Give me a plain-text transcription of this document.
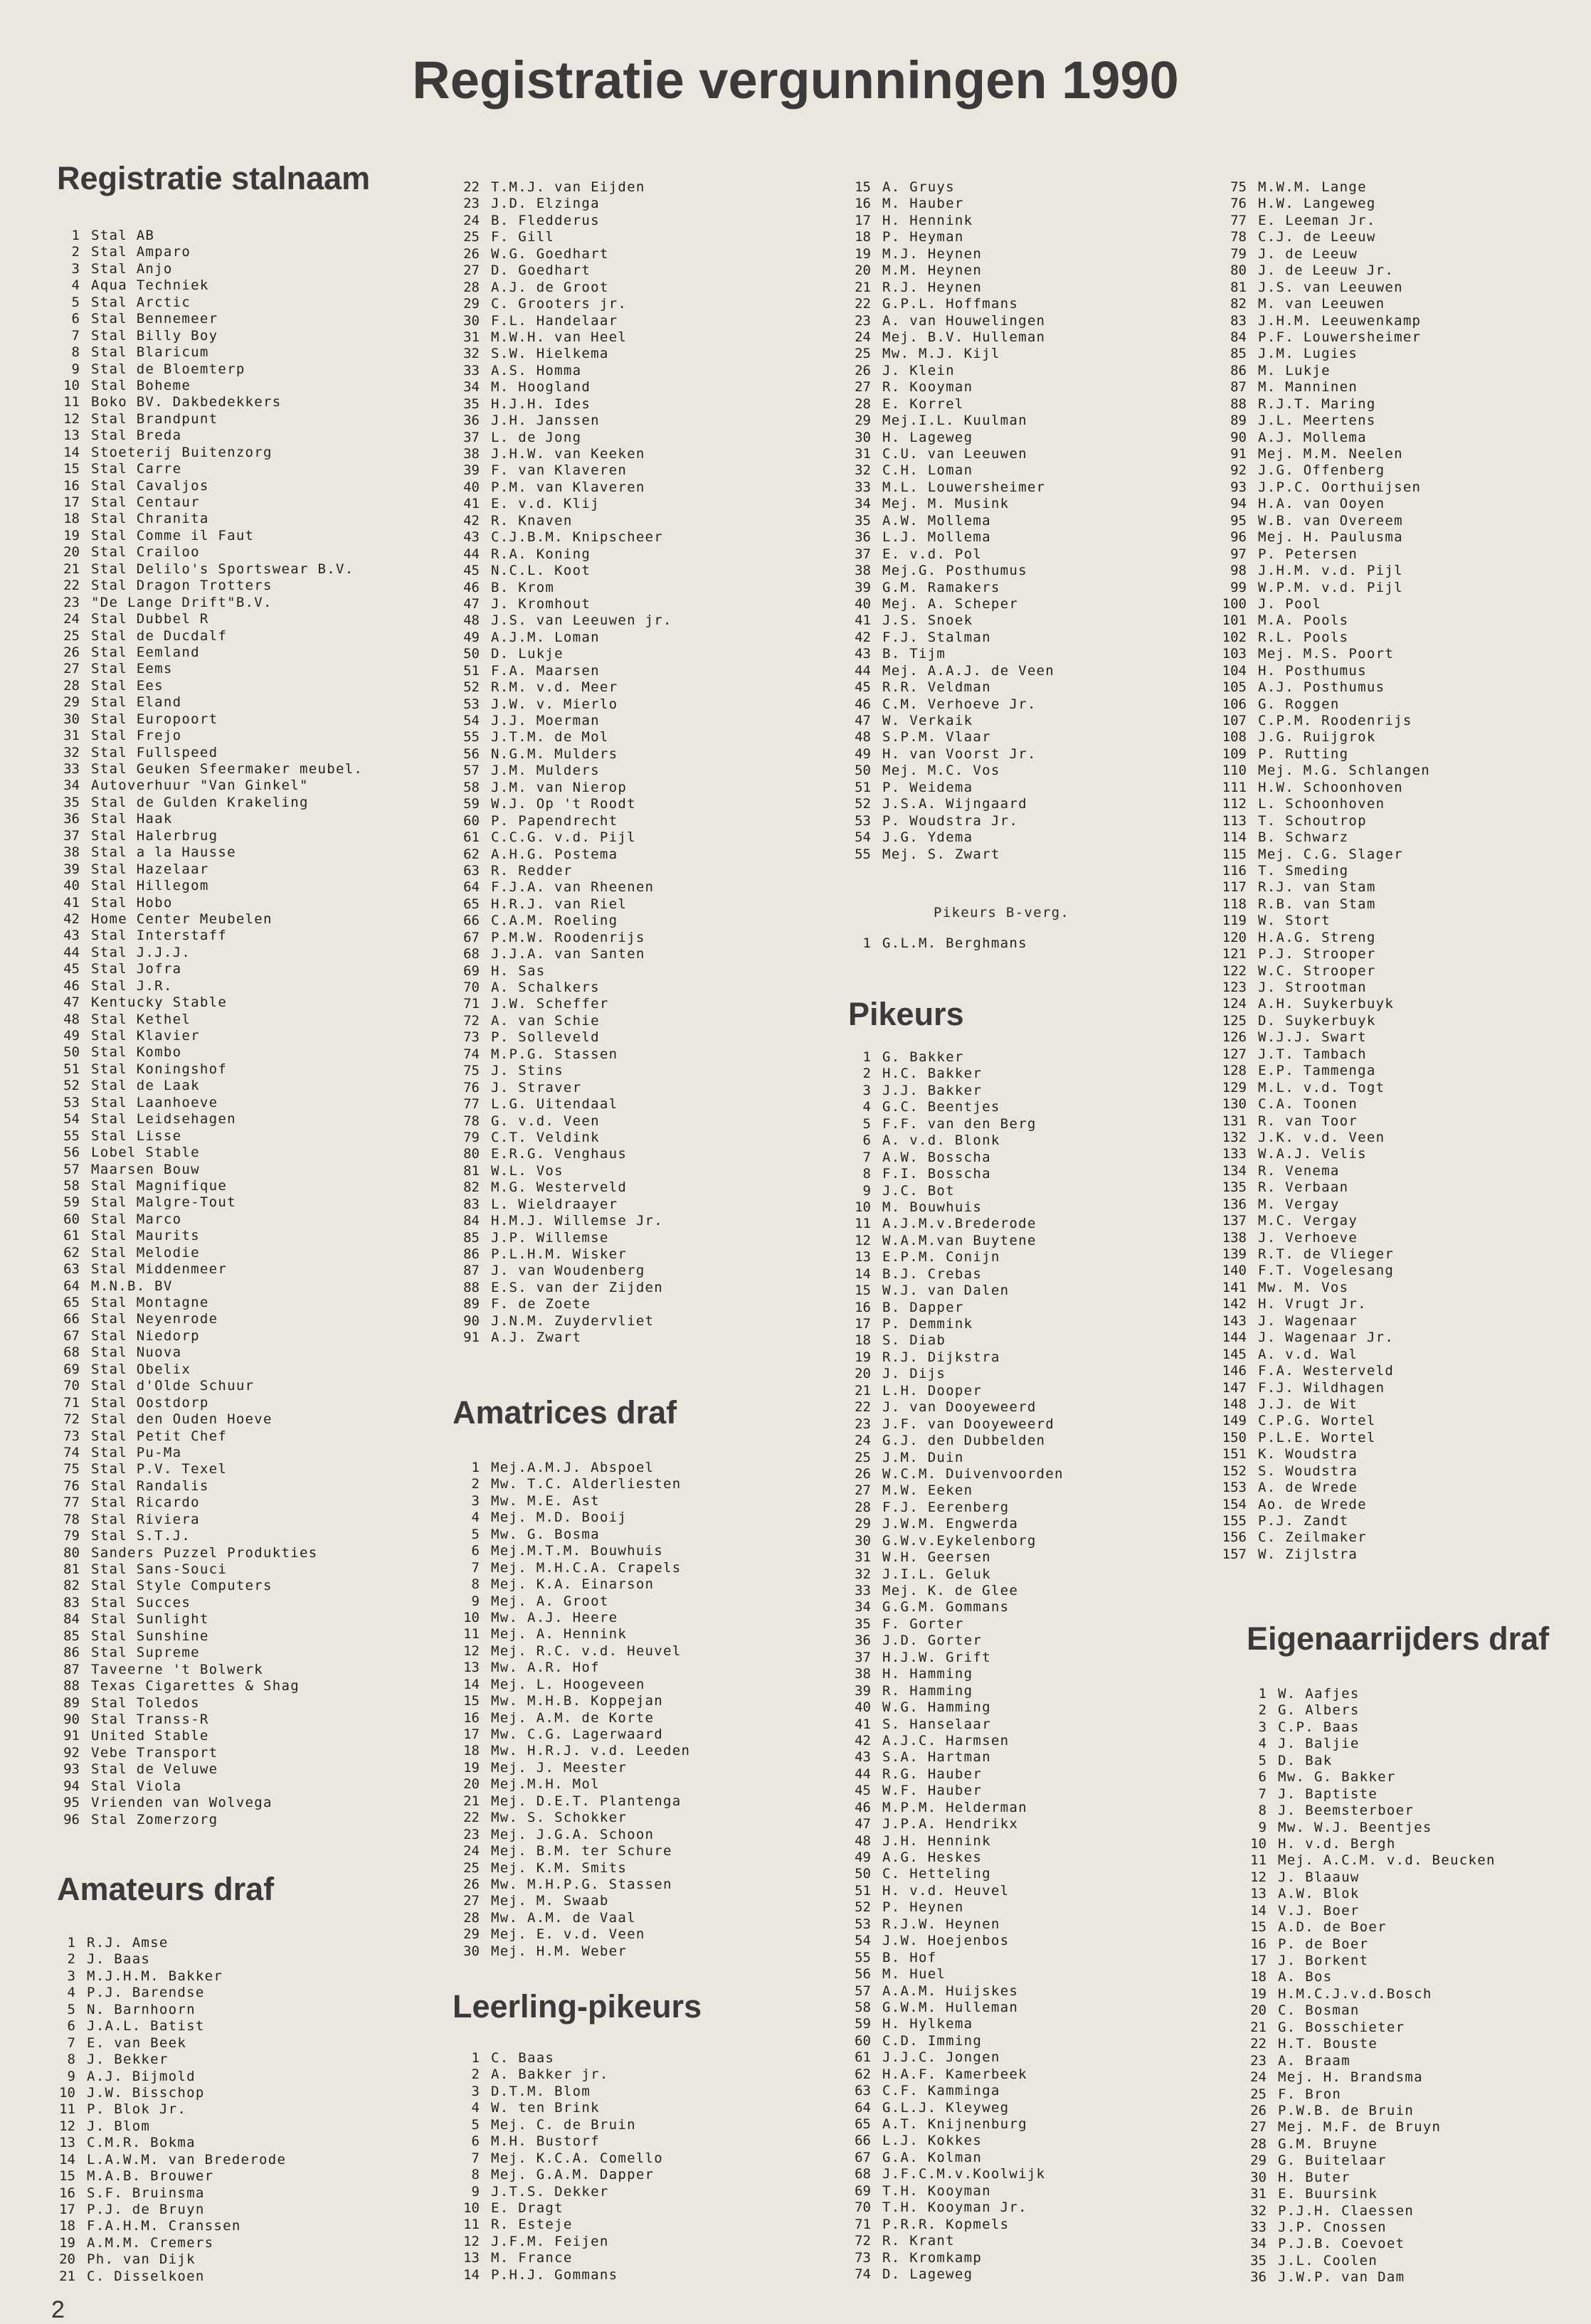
Registratie vergunningen 1990
Registratie stalnaam
1 Stal AB
2 Stal Amparo
3 Stal Anjo
4 Aqua Techniek
5 Stal Arctic
6 Stal Bennemeer
7 Stal Billy Boy
8 Stal Blaricum
9 Stal de Bloemterp
10 Stal Boheme
11 Boko BV. Dakbedekkers
12 Stal Brandpunt
13 Stal Breda
14 Stoeterij Buitenzorg
15 Stal Carre
16 Stal Cavaljos
17 Stal Centaur
18 Stal Chranita
19 Stal Comme il Faut
20 Stal Crailoo
21 Stal Delilo's Sportswear B.V.
22 Stal Dragon Trotters
23 "De Lange Drift"B.V.
24 Stal Dubbel R
25 Stal de Ducdalf
26 Stal Eemland
27 Stal Eems
28 Stal Ees
29 Stal Eland
30 Stal Europoort
31 Stal Frejo
32 Stal Fullspeed
33 Stal Geuken Sfeermaker meubel.
34 Autoverhuur "Van Ginkel"
35 Stal de Gulden Krakeling
36 Stal Haak
37 Stal Halerbrug
38 Stal a la Hausse
39 Stal Hazelaar
40 Stal Hillegom
41 Stal Hobo
42 Home Center Meubelen
43 Stal Interstaff
44 Stal J.J.J.
45 Stal Jofra
46 Stal J.R.
47 Kentucky Stable
48 Stal Kethel
49 Stal Klavier
50 Stal Kombo
51 Stal Koningshof
52 Stal de Laak
53 Stal Laanhoeve
54 Stal Leidsehagen
55 Stal Lisse
56 Lobel Stable
57 Maarsen Bouw
58 Stal Magnifique
59 Stal Malgre-Tout
60 Stal Marco
61 Stal Maurits
62 Stal Melodie
63 Stal Middenmeer
64 M.N.B. BV
65 Stal Montagne
66 Stal Neyenrode
67 Stal Niedorp
68 Stal Nuova
69 Stal Obelix
70 Stal d'Olde Schuur
71 Stal Oostdorp
72 Stal den Ouden Hoeve
73 Stal Petit Chef
74 Stal Pu-Ma
75 Stal P.V. Texel
76 Stal Randalis
77 Stal Ricardo
78 Stal Riviera
79 Stal S.T.J.
80 Sanders Puzzel Produkties
81 Stal Sans-Souci
82 Stal Style Computers
83 Stal Succes
84 Stal Sunlight
85 Stal Sunshine
86 Stal Supreme
87 Taveerne 't Bolwerk
88 Texas Cigarettes & Shag
89 Stal Toledos
90 Stal Transs-R
91 United Stable
92 Vebe Transport
93 Stal de Veluwe
94 Stal Viola
95 Vrienden van Wolvega
96 Stal Zomerzorg
Amateurs draf
1 R.J. Amse
2 J. Baas
3 M.J.H.M. Bakker
4 P.J. Barendse
5 N. Barnhoorn
6 J.A.L. Batist
7 E. van Beek
8 J. Bekker
9 A.J. Bijmold
10 J.W. Bisschop
11 P. Blok Jr.
12 J. Blom
13 C.M.R. Bokma
14 L.A.W.M. van Brederode
15 M.A.B. Brouwer
16 S.F. Bruinsma
17 P.J. de Bruyn
18 F.A.H.M. Cranssen
19 A.M.M. Cremers
20 Ph. van Dijk
21 C. Disselkoen
22 T.M.J. van Eijden
23 J.D. Elzinga
24 B. Fledderus
25 F. Gill
26 W.G. Goedhart
27 D. Goedhart
28 A.J. de Groot
29 C. Grooters jr.
30 F.L. Handelaar
31 M.W.H. van Heel
32 S.W. Hielkema
33 A.S. Homma
34 M. Hoogland
35 H.J.H. Ides
36 J.H. Janssen
37 L. de Jong
38 J.H.W. van Keeken
39 F. van Klaveren
40 P.M. van Klaveren
41 E. v.d. Klij
42 R. Knaven
43 C.J.B.M. Knipscheer
44 R.A. Koning
45 N.C.L. Koot
46 B. Krom
47 J. Kromhout
48 J.S. van Leeuwen jr.
49 A.J.M. Loman
50 D. Lukje
51 F.A. Maarsen
52 R.M. v.d. Meer
53 J.W. v. Mierlo
54 J.J. Moerman
55 J.T.M. de Mol
56 N.G.M. Mulders
57 J.M. Mulders
58 J.M. van Nierop
59 W.J. Op 't Roodt
60 P. Papendrecht
61 C.C.G. v.d. Pijl
62 A.H.G. Postema
63 R. Redder
64 F.J.A. van Rheenen
65 H.R.J. van Riel
66 C.A.M. Roeling
67 P.M.W. Roodenrijs
68 J.J.A. van Santen
69 H. Sas
70 A. Schalkers
71 J.W. Scheffer
72 A. van Schie
73 P. Solleveld
74 M.P.G. Stassen
75 J. Stins
76 J. Straver
77 L.G. Uitendaal
78 G. v.d. Veen
79 C.T. Veldink
80 E.R.G. Venghaus
81 W.L. Vos
82 M.G. Westerveld
83 L. Wieldraayer
84 H.M.J. Willemse Jr.
85 J.P. Willemse
86 P.L.H.M. Wisker
87 J. van Woudenberg
88 E.S. van der Zijden
89 F. de Zoete
90 J.N.M. Zuydervliet
91 A.J. Zwart
Amatrices draf
1 Mej.A.M.J. Abspoel
2 Mw. T.C. Alderliesten
3 Mw. M.E. Ast
4 Mej. M.D. Booij
5 Mw. G. Bosma
6 Mej.M.T.M. Bouwhuis
7 Mej. M.H.C.A. Crapels
8 Mej. K.A. Einarson
9 Mej. A. Groot
10 Mw. A.J. Heere
11 Mej. A. Hennink
12 Mej. R.C. v.d. Heuvel
13 Mw. A.R. Hof
14 Mej. L. Hoogeveen
15 Mw. M.H.B. Koppejan
16 Mej. A.M. de Korte
17 Mw. C.G. Lagerwaard
18 Mw. H.R.J. v.d. Leeden
19 Mej. J. Meester
20 Mej.M.H. Mol
21 Mej. D.E.T. Plantenga
22 Mw. S. Schokker
23 Mej. J.G.A. Schoon
24 Mej. B.M. ter Schure
25 Mej. K.M. Smits
26 Mw. M.H.P.G. Stassen
27 Mej. M. Swaab
28 Mw. A.M. de Vaal
29 Mej. E. v.d. Veen
30 Mej. H.M. Weber
Leerling-pikeurs
1 C. Baas
2 A. Bakker jr.
3 D.T.M. Blom
4 W. ten Brink
5 Mej. C. de Bruin
6 M.H. Bustorf
7 Mej. K.C.A. Comello
8 Mej. G.A.M. Dapper
9 J.T.S. Dekker
10 E. Dragt
11 R. Esteje
12 J.F.M. Feijen
13 M. France
14 P.H.J. Gommans
15 A. Gruys
16 M. Hauber
17 H. Hennink
18 P. Heyman
19 M.J. Heynen
20 M.M. Heynen
21 R.J. Heynen
22 G.P.L. Hoffmans
23 A. van Houwelingen
24 Mej. B.V. Hulleman
25 Mw. M.J. Kijl
26 J. Klein
27 R. Kooyman
28 E. Korrel
29 Mej.I.L. Kuulman
30 H. Lageweg
31 C.U. van Leeuwen
32 C.H. Loman
33 M.L. Louwersheimer
34 Mej. M. Musink
35 A.W. Mollema
36 L.J. Mollema
37 E. v.d. Pol
38 Mej.G. Posthumus
39 G.M. Ramakers
40 Mej. A. Scheper
41 J.S. Snoek
42 F.J. Stalman
43 B. Tijm
44 Mej. A.A.J. de Veen
45 R.R. Veldman
46 C.M. Verhoeve Jr.
47 W. Verkaik
48 S.P.M. Vlaar
49 H. van Voorst Jr.
50 Mej. M.C. Vos
51 P. Weidema
52 J.S.A. Wijngaard
53 P. Woudstra Jr.
54 J.G. Ydema
55 Mej. S. Zwart
Pikeurs B-verg.
1 G.L.M. Berghmans
Pikeurs
1 G. Bakker
2 H.C. Bakker
3 J.J. Bakker
4 G.C. Beentjes
5 F.F. van den Berg
6 A. v.d. Blonk
7 A.W. Bosscha
8 F.I. Bosscha
9 J.C. Bot
10 M. Bouwhuis
11 A.J.M.v.Brederode
12 W.A.M.van Buytene
13 E.P.M. Conijn
14 B.J. Crebas
15 W.J. van Dalen
16 B. Dapper
17 P. Demmink
18 S. Diab
19 R.J. Dijkstra
20 J. Dijs
21 L.H. Dooper
22 J. van Dooyeweerd
23 J.F. van Dooyeweerd
24 G.J. den Dubbelden
25 J.M. Duin
26 W.C.M. Duivenvoorden
27 M.W. Eeken
28 F.J. Eerenberg
29 J.W.M. Engwerda
30 G.W.v.Eykelenborg
31 W.H. Geersen
32 J.I.L. Geluk
33 Mej. K. de Glee
34 G.G.M. Gommans
35 F. Gorter
36 J.D. Gorter
37 H.J.W. Grift
38 H. Hamming
39 R. Hamming
40 W.G. Hamming
41 S. Hanselaar
42 A.J.C. Harmsen
43 S.A. Hartman
44 R.G. Hauber
45 W.F. Hauber
46 M.P.M. Helderman
47 J.P.A. Hendrikx
48 J.H. Hennink
49 A.G. Heskes
50 C. Hetteling
51 H. v.d. Heuvel
52 P. Heynen
53 R.J.W. Heynen
54 J.W. Hoejenbos
55 B. Hof
56 M. Huel
57 A.A.M. Huijskes
58 G.W.M. Hulleman
59 H. Hylkema
60 C.D. Imming
61 J.J.C. Jongen
62 H.A.F. Kamerbeek
63 C.F. Kamminga
64 G.L.J. Kleyweg
65 A.T. Knijnenburg
66 L.J. Kokkes
67 G.A. Kolman
68 J.F.C.M.v.Koolwijk
69 T.H. Kooyman
70 T.H. Kooyman Jr.
71 P.R.R. Kopmels
72 R. Krant
73 R. Kromkamp
74 D. Lageweg
75 M.W.M. Lange
76 H.W. Langeweg
77 E. Leeman Jr.
78 C.J. de Leeuw
79 J. de Leeuw
80 J. de Leeuw Jr.
81 J.S. van Leeuwen
82 M. van Leeuwen
83 J.H.M. Leeuwenkamp
84 P.F. Louwersheimer
85 J.M. Lugies
86 M. Lukje
87 M. Manninen
88 R.J.T. Maring
89 J.L. Meertens
90 A.J. Mollema
91 Mej. M.M. Neelen
92 J.G. Offenberg
93 J.P.C. Oorthuijsen
94 H.A. van Ooyen
95 W.B. van Overeem
96 Mej. H. Paulusma
97 P. Petersen
98 J.H.M. v.d. Pijl
99 W.P.M. v.d. Pijl
100 J. Pool
101 M.A. Pools
102 R.L. Pools
103 Mej. M.S. Poort
104 H. Posthumus
105 A.J. Posthumus
106 G. Roggen
107 C.P.M. Roodenrijs
108 J.G. Ruijgrok
109 P. Rutting
110 Mej. M.G. Schlangen
111 H.W. Schoonhoven
112 L. Schoonhoven
113 T. Schoutrop
114 B. Schwarz
115 Mej. C.G. Slager
116 T. Smeding
117 R.J. van Stam
118 R.B. van Stam
119 W. Stort
120 H.A.G. Streng
121 P.J. Strooper
122 W.C. Strooper
123 J. Strootman
124 A.H. Suykerbuyk
125 D. Suykerbuyk
126 W.J.J. Swart
127 J.T. Tambach
128 E.P. Tammenga
129 M.L. v.d. Togt
130 C.A. Toonen
131 R. van Toor
132 J.K. v.d. Veen
133 W.A.J. Velis
134 R. Venema
135 R. Verbaan
136 M. Vergay
137 M.C. Vergay
138 J. Verhoeve
139 R.T. de Vlieger
140 F.T. Vogelesang
141 Mw. M. Vos
142 H. Vrugt Jr.
143 J. Wagenaar
144 J. Wagenaar Jr.
145 A. v.d. Wal
146 F.A. Westerveld
147 F.J. Wildhagen
148 J.J. de Wit
149 C.P.G. Wortel
150 P.L.E. Wortel
151 K. Woudstra
152 S. Woudstra
153 A. de Wrede
154 Ao. de Wrede
155 P.J. Zandt
156 C. Zeilmaker
157 W. Zijlstra
Eigenaarrijders draf
1 W. Aafjes
2 G. Albers
3 C.P. Baas
4 J. Baljie
5 D. Bak
6 Mw. G. Bakker
7 J. Baptiste
8 J. Beemsterboer
9 Mw. W.J. Beentjes
10 H. v.d. Bergh
11 Mej. A.C.M. v.d. Beucken
12 J. Blaauw
13 A.W. Blok
14 V.J. Boer
15 A.D. de Boer
16 P. de Boer
17 J. Borkent
18 A. Bos
19 H.M.C.J.v.d.Bosch
20 C. Bosman
21 G. Bosschieter
22 H.T. Bouste
23 A. Braam
24 Mej. H. Brandsma
25 F. Bron
26 P.W.B. de Bruin
27 Mej. M.F. de Bruyn
28 G.M. Bruyne
29 G. Buitelaar
30 H. Buter
31 E. Buursink
32 P.J.H. Claessen
33 J.P. Cnossen
34 P.J.B. Coevoet
35 J.L. Coolen
36 J.W.P. van Dam
2
